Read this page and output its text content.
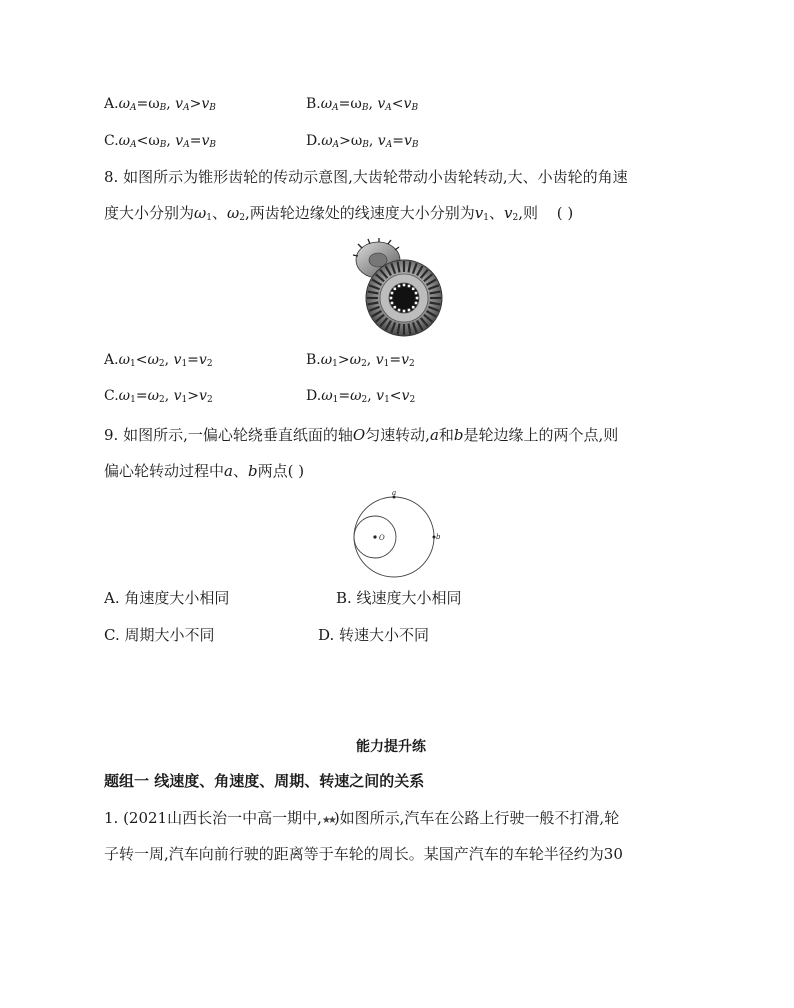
$A.\omega_A=\omega_B$, $v_A>v_B$	$B.\omega_A=\omega_B$, $v_A<v_B$
$C.\omega_A<\omega_B$, $v_A=v_B$	$D.\omega_A>\omega_B$, $v_A=v_B$
8. 如图所示为锥形齿轮的传动示意图,大齿轮带动小齿轮转动,大、小齿轮的角速
度大小分别为$\omega_1$、$\omega_2$,两齿轮边缘处的线速度大小分别为$v_1$、$v_2$,则 ( )
$A.\omega_1<\omega_2$, $v_1=v_2$	$B.\omega_1>\omega_2$, $v_1=v_2$
$C.\omega_1=\omega_2$, $v_1>v_2$	$D.\omega_1=\omega_2$, $v_1<v_2$
9. 如图所示,一偏心轮绕垂直纸面的轴O匀速转动,a和b是轮边缘上的两个点,则
偏心轮转动过程中a、b两点( )
a
b
O
A. 角速度大小相同	B. 线速度大小相同
C. 周期大小不同	D. 转速大小不同
能力提升练
题组一 线速度、角速度、周期、转速之间的关系
1. (2021山西长治一中高一期中,★★)如图所示,汽车在公路上行驶一般不打滑,轮
子转一周,汽车向前行驶的距离等于车轮的周长。某国产汽车的车轮半径约为30
